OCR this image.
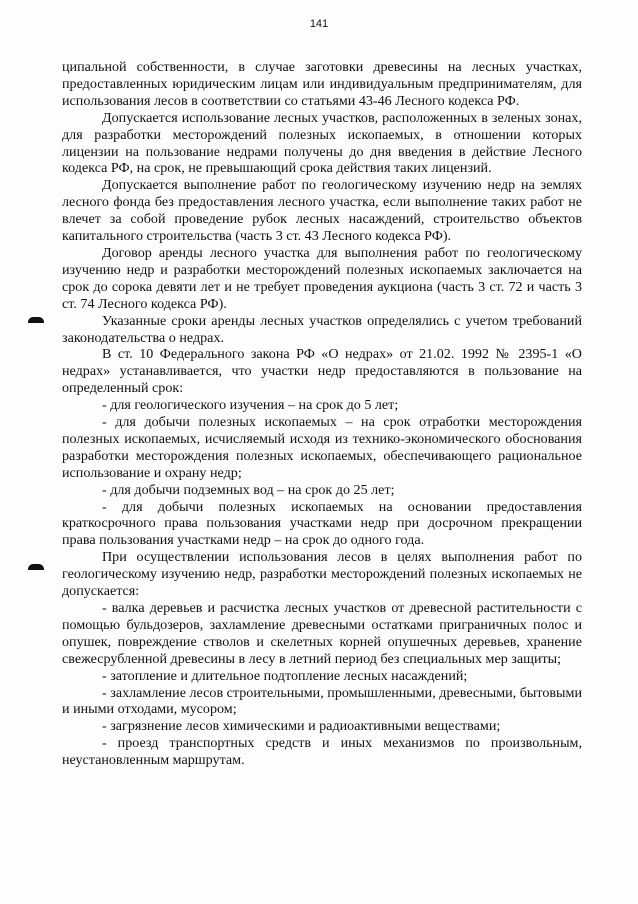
141

ципальной собственности, в случае заготовки древесины на лесных участках, предоставленных юридическим лицам или индивидуальным предпринимателям, для использования лесов в соответствии со статьями 43-46 Лесного кодекса РФ.

Допускается использование лесных участков, расположенных в зеленых зонах, для разработки месторождений полезных ископаемых, в отношении которых лицензии на пользование недрами получены до дня введения в действие Лесного кодекса РФ, на срок, не превышающий срока действия таких лицензий.

Допускается выполнение работ по геологическому изучению недр на землях лесного фонда без предоставления лесного участка, если выполнение таких работ не влечет за собой проведение рубок лесных насаждений, строительство объектов капитального строительства (часть 3 ст. 43 Лесного кодекса РФ).

Договор аренды лесного участка для выполнения работ по геологическому изучению недр и разработки месторождений полезных ископаемых заключается на срок до сорока девяти лет и не требует проведения аукциона (часть 3 ст. 72 и часть 3 ст. 74 Лесного кодекса РФ).

Указанные сроки аренды лесных участков определялись с учетом требований законодательства о недрах.

В ст. 10 Федерального закона РФ «О недрах» от 21.02. 1992 № 2395-1 «О недрах» устанавливается, что участки недр предоставляются в пользование на определенный срок:

- для геологического изучения – на срок до 5 лет;

- для добычи полезных ископаемых – на срок отработки месторождения полезных ископаемых, исчисляемый исходя из технико-экономического обоснования разработки месторождения полезных ископаемых, обеспечивающего рациональное использование и охрану недр;

- для добычи подземных вод – на срок до 25 лет;

- для добычи полезных ископаемых на основании предоставления краткосрочного права пользования участками недр при досрочном прекращении права пользования участками недр – на срок до одного года.

При осуществлении использования лесов в целях выполнения работ по геологическому изучению недр, разработки месторождений полезных ископаемых не допускается:

- валка деревьев и расчистка лесных участков от древесной растительности с помощью бульдозеров, захламление древесными остатками приграничных полос и опушек, повреждение стволов и скелетных корней опушечных деревьев, хранение свежесрубленной древесины в лесу в летний период без специальных мер защиты;

- затопление и длительное подтопление лесных насаждений;

- захламление лесов строительными, промышленными, древесными, бытовыми и иными отходами, мусором;

- загрязнение лесов химическими и радиоактивными веществами;

- проезд транспортных средств и иных механизмов по произвольным, неустановленным маршрутам.
